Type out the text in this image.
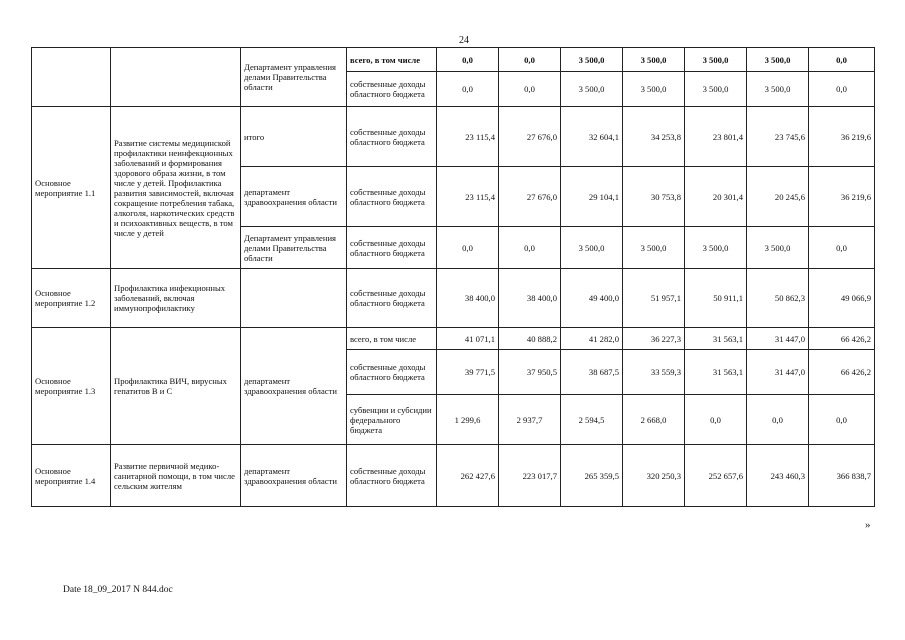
24
		Департамент управления делами Правительства области	всего, в том числе	0,0	0,0	3 500,0	3 500,0	3 500,0	3 500,0	0,0
			собственные доходы областного бюджета	0,0	0,0	3 500,0	3 500,0	3 500,0	3 500,0	0,0
Основное мероприятие 1.1	Развитие системы медицинской профилактики неинфекционных заболеваний и формирования здорового образа жизни, в том числе у детей. Профилактика развития зависимостей, включая сокращение потребления табака, алкоголя, наркотических средств и психоактивных веществ, в том числе у детей	итого	собственные доходы областного бюджета	23 115,4	27 676,0	32 604,1	34 253,8	23 801,4	23 745,6	36 219,6
		департамент здравоохранения области	собственные доходы областного бюджета	23 115,4	27 676,0	29 104,1	30 753,8	20 301,4	20 245,6	36 219,6
		Департамент управления делами Правительства области	собственные доходы областного бюджета	0,0	0,0	3 500,0	3 500,0	3 500,0	3 500,0	0,0
Основное мероприятие 1.2	Профилактика инфекционных заболеваний, включая иммунопрофилактику		собственные доходы областного бюджета	38 400,0	38 400,0	49 400,0	51 957,1	50 911,1	50 862,3	49 066,9
Основное мероприятие 1.3	Профилактика ВИЧ, вирусных гепатитов В и С	департамент здравоохранения области	всего, в том числе	41 071,1	40 888,2	41 282,0	36 227,3	31 563,1	31 447,0	66 426,2
			собственные доходы областного бюджета	39 771,5	37 950,5	38 687,5	33 559,3	31 563,1	31 447,0	66 426,2
			субвенции и субсидии федерального бюджета	1 299,6	2 937,7	2 594,5	2 668,0	0,0	0,0	0,0
Основное мероприятие 1.4	Развитие первичной медико-санитарной помощи, в том числе сельским жителям	департамент здравоохранения области	собственные доходы областного бюджета	262 427,6	223 017,7	265 359,5	320 250,3	252 657,6	243 460,3	366 838,7
»
Date 18_09_2017 N 844.doc
